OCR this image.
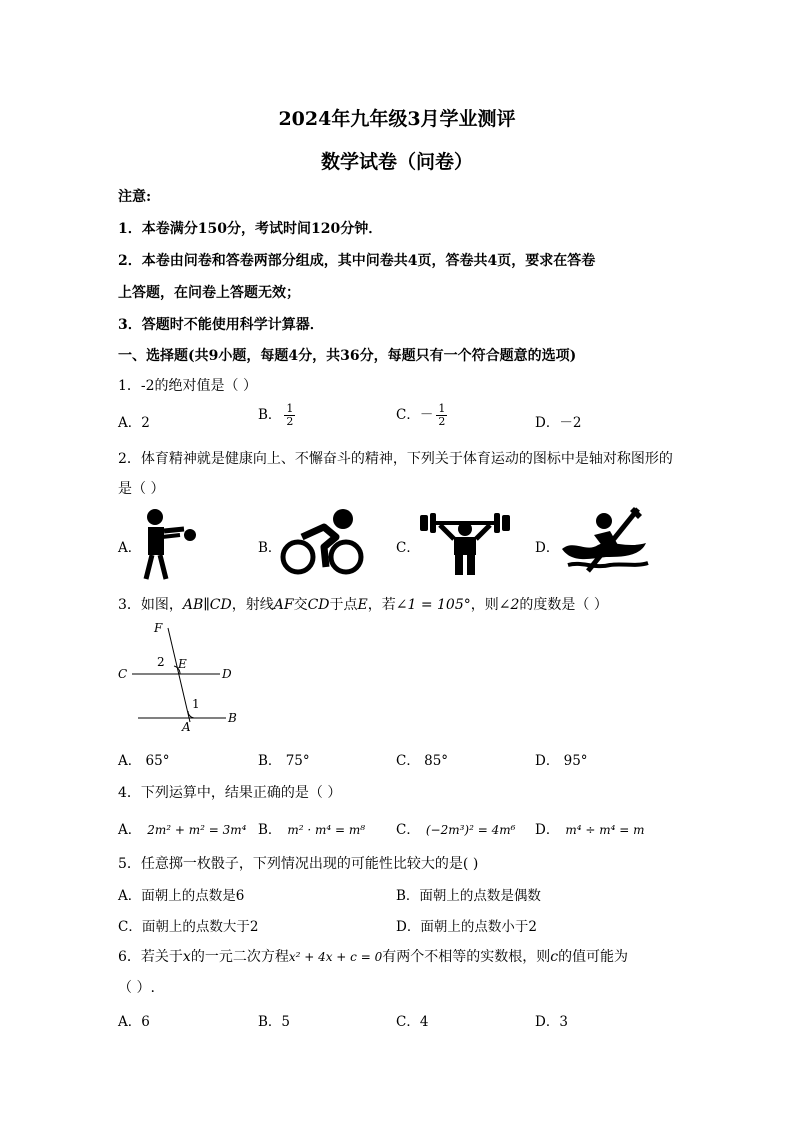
2024年九年级3月学业测评
数学试卷（问卷）
注意:
1．本卷满分150分，考试时间120分钟．
2．本卷由问卷和答卷两部分组成，其中问卷共4页，答卷共4页，要求在答卷
上答题，在问卷上答题无效；
3．答题时不能使用科学计算器．
一、选择题(共9小题，每题4分，共36分，每题只有一个符合题意的选项)
1．-2的绝对值是（ ）
A．2	B． $\frac{1}{2}$	C．－ $\frac{1}{2}$	D．－2
2．体育精神就是健康向上、不懈奋斗的精神，下列关于体育运动的图标中是轴对称图形的
是（ ）
A．	B．	C．	D．
3．如图，AB∥CD，射线AF交CD于点E，若∠1 = 105°，则∠2的度数是（ ）
F
C
2 E
D
1
B
A
A． 65°	B． 75°	C． 85°	D． 95°
4．下列运算中，结果正确的是（ ）
A． 2m² + m² = 3m⁴ B． m² · m⁴ = m⁸ C． (−2m³)² = 4m⁶ D． m⁴ ÷ m⁴ = m
5．任意掷一枚骰子，下列情况出现的可能性比较大的是( )
A．面朝上的点数是6	B．面朝上的点数是偶数
C．面朝上的点数大于2	D．面朝上的点数小于2
6．若关于x的一元二次方程x² + 4x + c = 0有两个不相等的实数根，则c的值可能为
（ ）.
A．6	B．5	C．4	D．3
